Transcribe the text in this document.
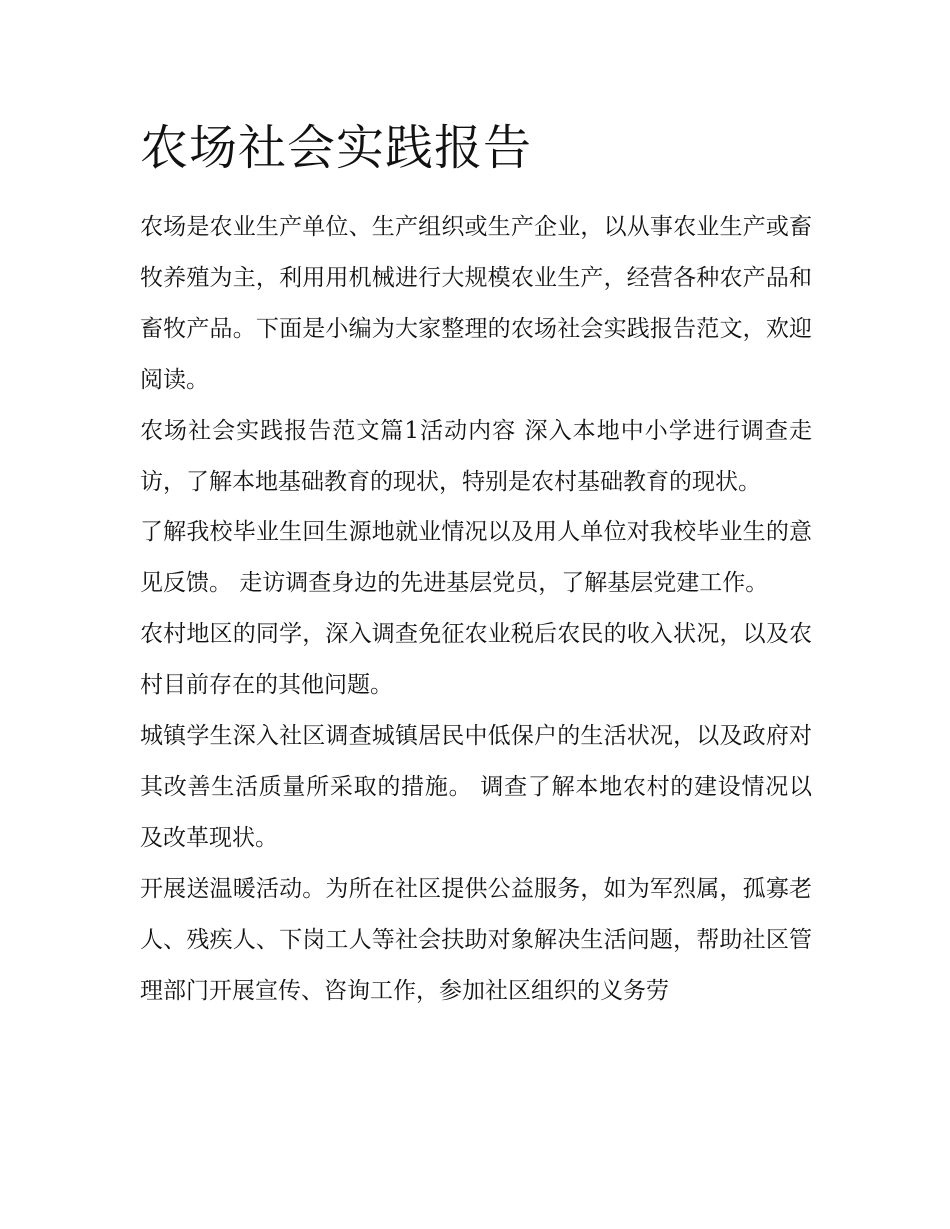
农场社会实践报告

农场是农业生产单位、生产组织或生产企业，以从事农业生产或畜牧养殖为主，利用用机械进行大规模农业生产，经营各种农产品和畜牧产品。下面是小编为大家整理的农场社会实践报告范文，欢迎阅读。

农场社会实践报告范文篇1活动内容 深入本地中小学进行调查走访，了解本地基础教育的现状，特别是农村基础教育的现状。

了解我校毕业生回生源地就业情况以及用人单位对我校毕业生的意见反馈。 走访调查身边的先进基层党员，了解基层党建工作。

农村地区的同学，深入调查免征农业税后农民的收入状况，以及农村目前存在的其他问题。

城镇学生深入社区调查城镇居民中低保户的生活状况，以及政府对其改善生活质量所采取的措施。 调查了解本地农村的建设情况以及改革现状。

开展送温暖活动。为所在社区提供公益服务，如为军烈属，孤寡老人、残疾人、下岗工人等社会扶助对象解决生活问题，帮助社区管理部门开展宣传、咨询工作，参加社区组织的义务劳
